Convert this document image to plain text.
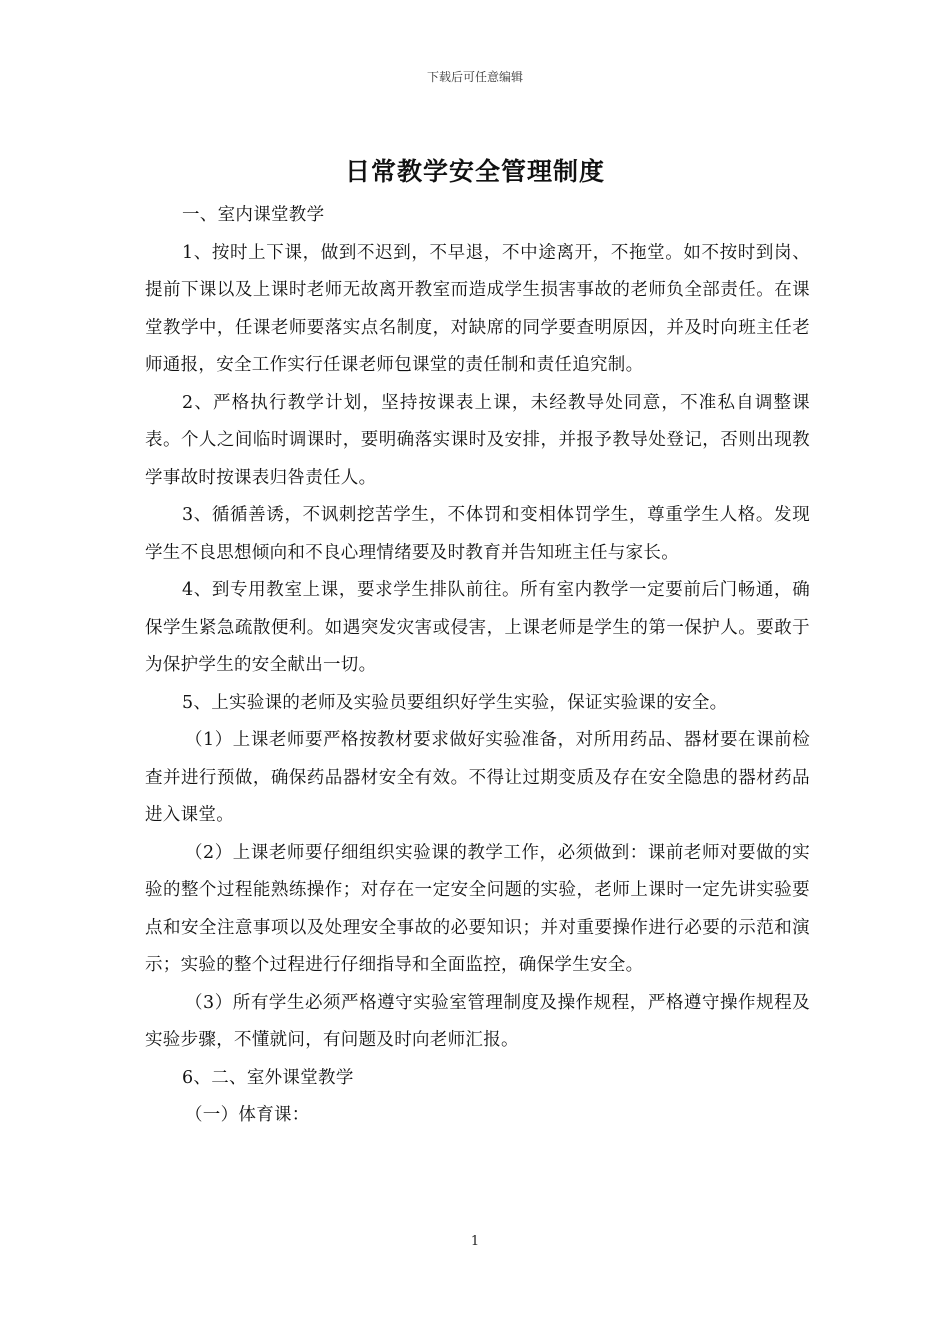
下载后可任意编辑
日常教学安全管理制度

一、室内课堂教学

1、按时上下课，做到不迟到，不早退，不中途离开，不拖堂。如不按时到岗、提前下课以及上课时老师无故离开教室而造成学生损害事故的老师负全部责任。在课堂教学中，任课老师要落实点名制度，对缺席的同学要查明原因，并及时向班主任老师通报，安全工作实行任课老师包课堂的责任制和责任追究制。

2、严格执行教学计划，坚持按课表上课，未经教导处同意，不准私自调整课表。个人之间临时调课时，要明确落实课时及安排，并报予教导处登记，否则出现教学事故时按课表归咎责任人。

3、循循善诱，不讽刺挖苦学生，不体罚和变相体罚学生，尊重学生人格。发现学生不良思想倾向和不良心理情绪要及时教育并告知班主任与家长。

4、到专用教室上课，要求学生排队前往。所有室内教学一定要前后门畅通，确保学生紧急疏散便利。如遇突发灾害或侵害，上课老师是学生的第一保护人。要敢于为保护学生的安全献出一切。

5、上实验课的老师及实验员要组织好学生实验，保证实验课的安全。

（1）上课老师要严格按教材要求做好实验准备，对所用药品、器材要在课前检查并进行预做，确保药品器材安全有效。不得让过期变质及存在安全隐患的器材药品进入课堂。

（2）上课老师要仔细组织实验课的教学工作，必须做到：课前老师对要做的实验的整个过程能熟练操作；对存在一定安全问题的实验，老师上课时一定先讲实验要点和安全注意事项以及处理安全事故的必要知识；并对重要操作进行必要的示范和演示；实验的整个过程进行仔细指导和全面监控，确保学生安全。

（3）所有学生必须严格遵守实验室管理制度及操作规程，严格遵守操作规程及实验步骤，不懂就问，有问题及时向老师汇报。

6、二、室外课堂教学

（一）体育课：

1
